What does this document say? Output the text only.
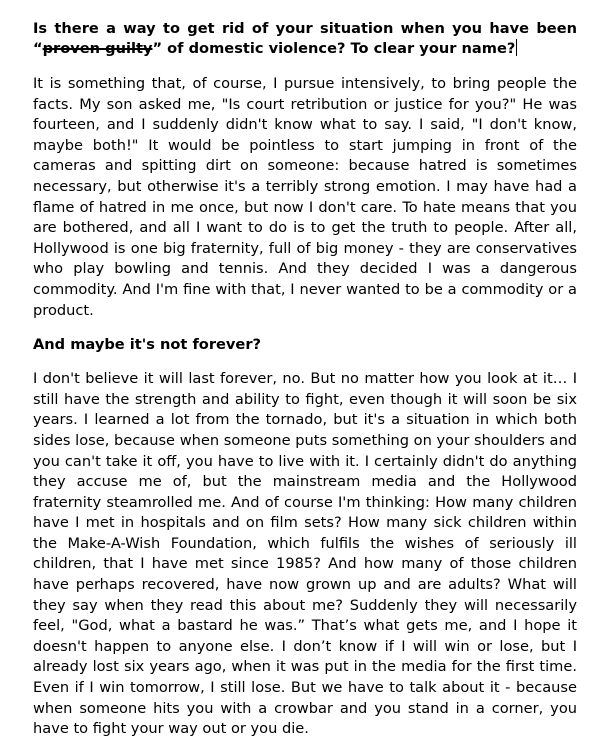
Is there a way to get rid of your situation when you have been “proven guilty” of domestic violence? To clear your name?

It is something that, of course, I pursue intensively, to bring people the facts. My son asked me, "Is court retribution or justice for you?" He was fourteen, and I suddenly didn't know what to say. I said, "I don't know, maybe both!" It would be pointless to start jumping in front of the cameras and spitting dirt on someone: because hatred is sometimes necessary, but otherwise it's a terribly strong emotion. I may have had a flame of hatred in me once, but now I don't care. To hate means that you are bothered, and all I want to do is to get the truth to people. After all, Hollywood is one big fraternity, full of big money - they are conservatives who play bowling and tennis. And they decided I was a dangerous commodity. And I'm fine with that, I never wanted to be a commodity or a product.

And maybe it's not forever?

I don't believe it will last forever, no. But no matter how you look at it… I still have the strength and ability to fight, even though it will soon be six years. I learned a lot from the tornado, but it's a situation in which both sides lose, because when someone puts something on your shoulders and you can't take it off, you have to live with it. I certainly didn't do anything they accuse me of, but the mainstream media and the Hollywood fraternity steamrolled me. And of course I'm thinking: How many children have I met in hospitals and on film sets? How many sick children within the Make-A-Wish Foundation, which fulfils the wishes of seriously ill children, that I have met since 1985? And how many of those children have perhaps recovered, have now grown up and are adults? What will they say when they read this about me? Suddenly they will necessarily feel, "God, what a bastard he was.” That’s what gets me, and I hope it doesn't happen to anyone else. I don’t know if I will win or lose, but I already lost six years ago, when it was put in the media for the first time. Even if I win tomorrow, I still lose. But we have to talk about it - because when someone hits you with a crowbar and you stand in a corner, you have to fight your way out or you die.
